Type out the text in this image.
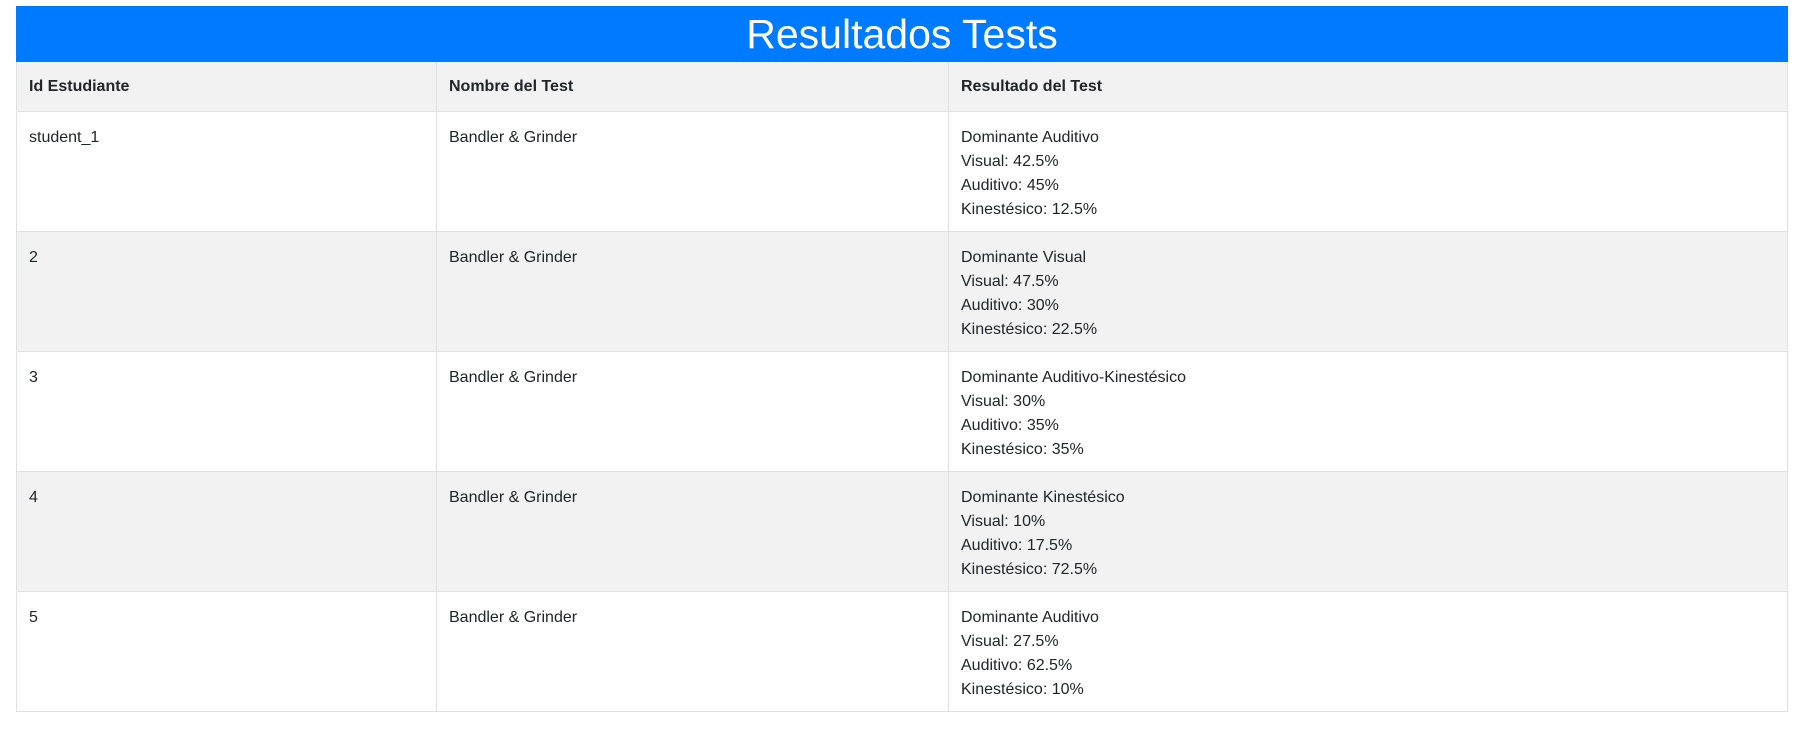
Resultados Tests
Id Estudiante	Nombre del Test	Resultado del Test
student_1	Bandler & Grinder	Dominante Auditivo
Visual: 42.5%
Auditivo: 45%
Kinestésico: 12.5%

2	Bandler & Grinder	Dominante Visual
Visual: 47.5%
Auditivo: 30%
Kinestésico: 22.5%

3	Bandler & Grinder	Dominante Auditivo-Kinestésico
Visual: 30%
Auditivo: 35%
Kinestésico: 35%

4	Bandler & Grinder	Dominante Kinestésico
Visual: 10%
Auditivo: 17.5%
Kinestésico: 72.5%

5	Bandler & Grinder	Dominante Auditivo
Visual: 27.5%
Auditivo: 62.5%
Kinestésico: 10%
